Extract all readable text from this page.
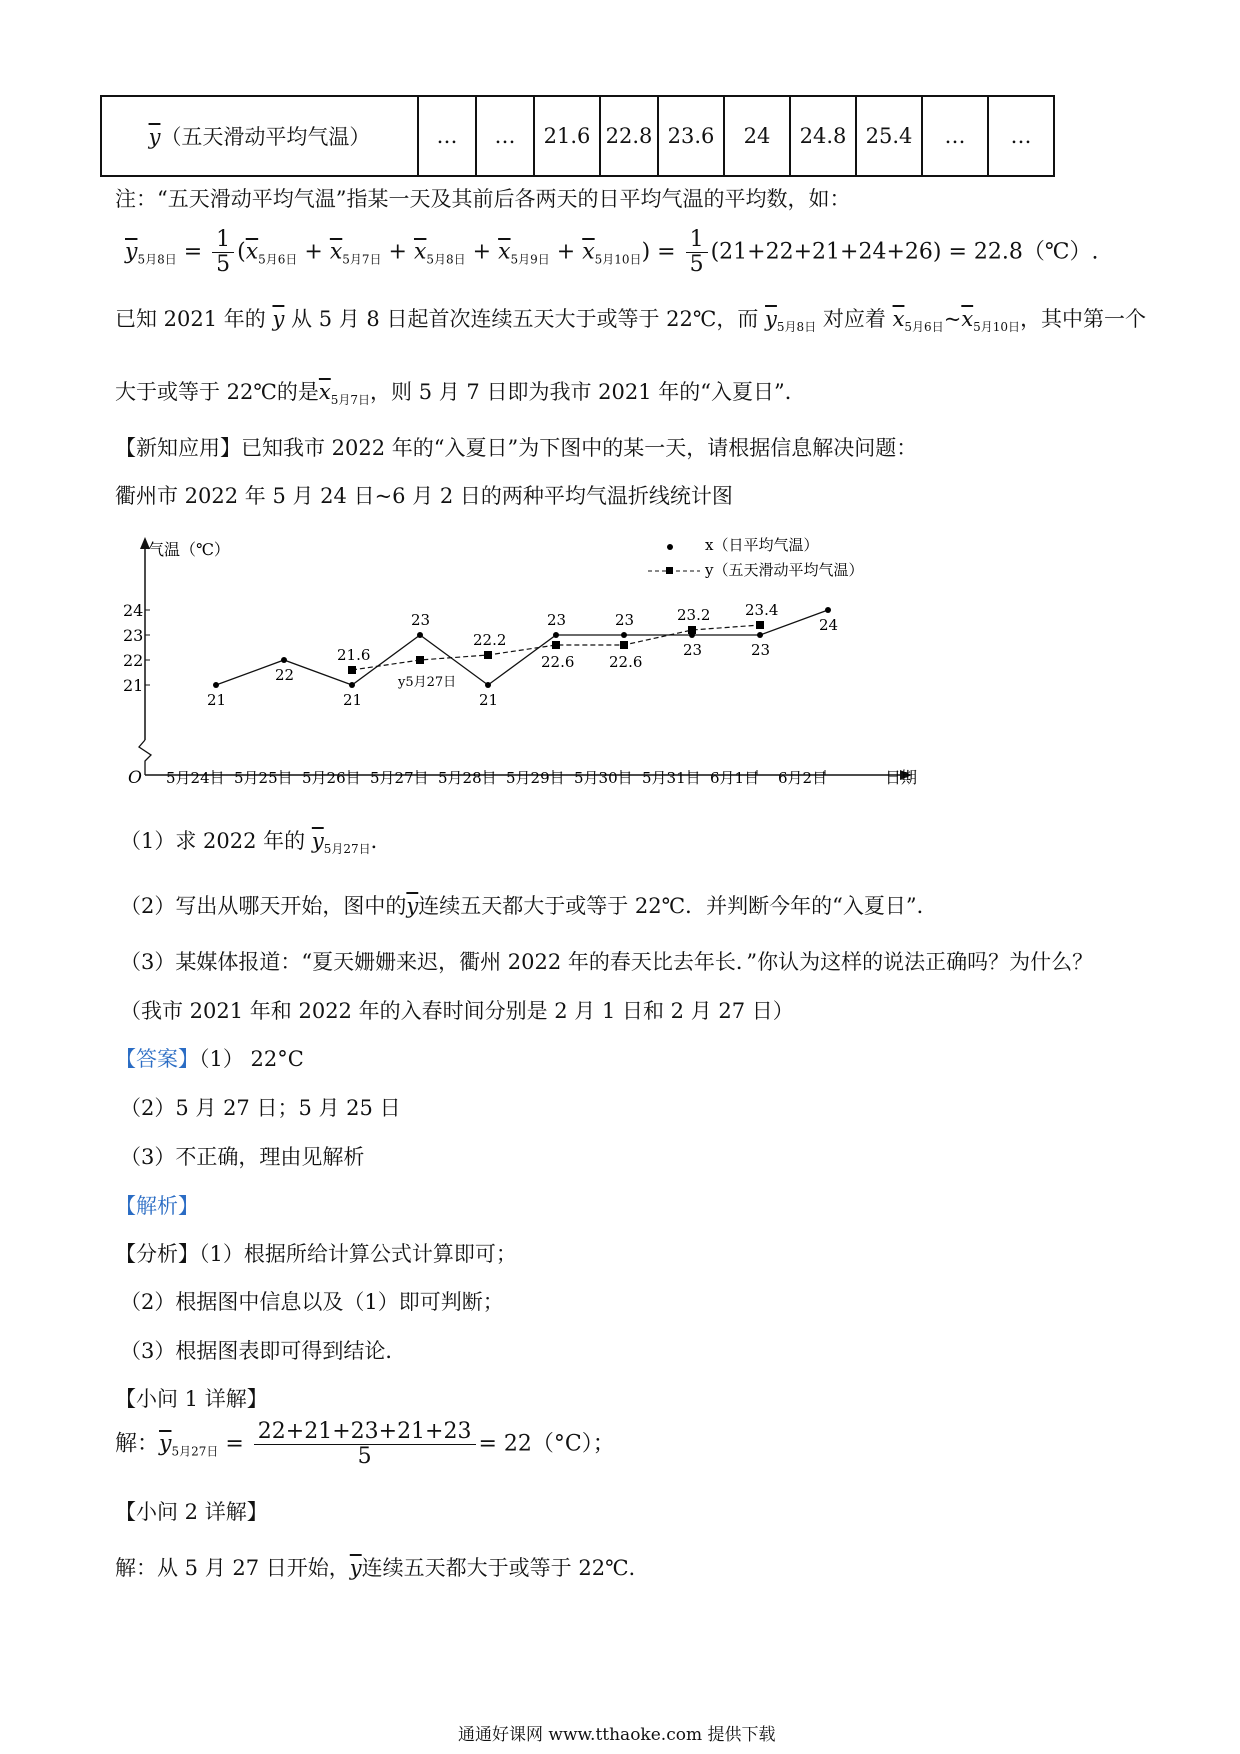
$\overline{y}$（五天滑动平均气温）	…	…	21.6	22.8	23.6	24	24.8	25.4	…	…
注：“五天滑动平均气温”指某一天及其前后各两天的日平均气温的平均数，如：
$\overline{y}_{5月8日} = \frac{1}{5} (\overline{x}_{5月6日} + \overline{x}_{5月7日} + \overline{x}_{5月8日} + \overline{x}_{5月9日} + \overline{x}_{5月10日}) = \frac{1}{5} (21+22+21+24+26)$ = 22.8（℃）.
已知 2021 年的 $\overline{y}$ 从 5 月 8 日起首次连续五天大于或等于 22℃，而 $\overline{y}_{5月8日}$ 对应着 $\overline{x}_{5月6日}\sim\overline{x}_{5月10日}$，其中第一个
大于或等于 22℃的是$\overline{x}_{5月7日}$，则 5 月 7 日即为我市 2021 年的“入夏日”．
【新知应用】已知我市 2022 年的“入夏日”为下图中的某一天，请根据信息解决问题：
衢州市 2022 年 5 月 24 日~6 月 2 日的两种平均气温折线统计图
O
气温（℃）
日期
21
22
23
24
5月24日 5月25日 5月26日 5月27日 5月28日 5月29日 5月30日 5月31日 6月1日 6月2日
x（日平均气温）
y（五天滑动平均气温）
21
22
21
23
21
23	23
23	23
24
21.6
22.2
22.6 22.6
23.2 23.4
y5月27日
（1）求 2022 年的 $\overline{y}_{5月27日}$．
（2）写出从哪天开始，图中的$\overline{y}$连续五天都大于或等于 22℃．并判断今年的“入夏日”．
（3）某媒体报道：“夏天姗姗来迟，衢州 2022 年的春天比去年长．”你认为这样的说法正确吗？为什么？
（我市 2021 年和 2022 年的入春时间分别是 2 月 1 日和 2 月 27 日）
【答案】（1） 22°C
（2）5 月 27 日；5 月 25 日
（3）不正确，理由见解析
【解析】
【分析】（1）根据所给计算公式计算即可；
（2）根据图中信息以及（1）即可判断；
（3）根据图表即可得到结论．
【小问 1 详解】
解：$\overline{y}_{5月27日} = \frac{22+21+23+21+23}{5} = 22(^\circ C)$；
【小问 2 详解】
解：从 5 月 27 日开始，$\overline{y}$连续五天都大于或等于 22℃.
通通好课网 www.tthaoke.com 提供下载
